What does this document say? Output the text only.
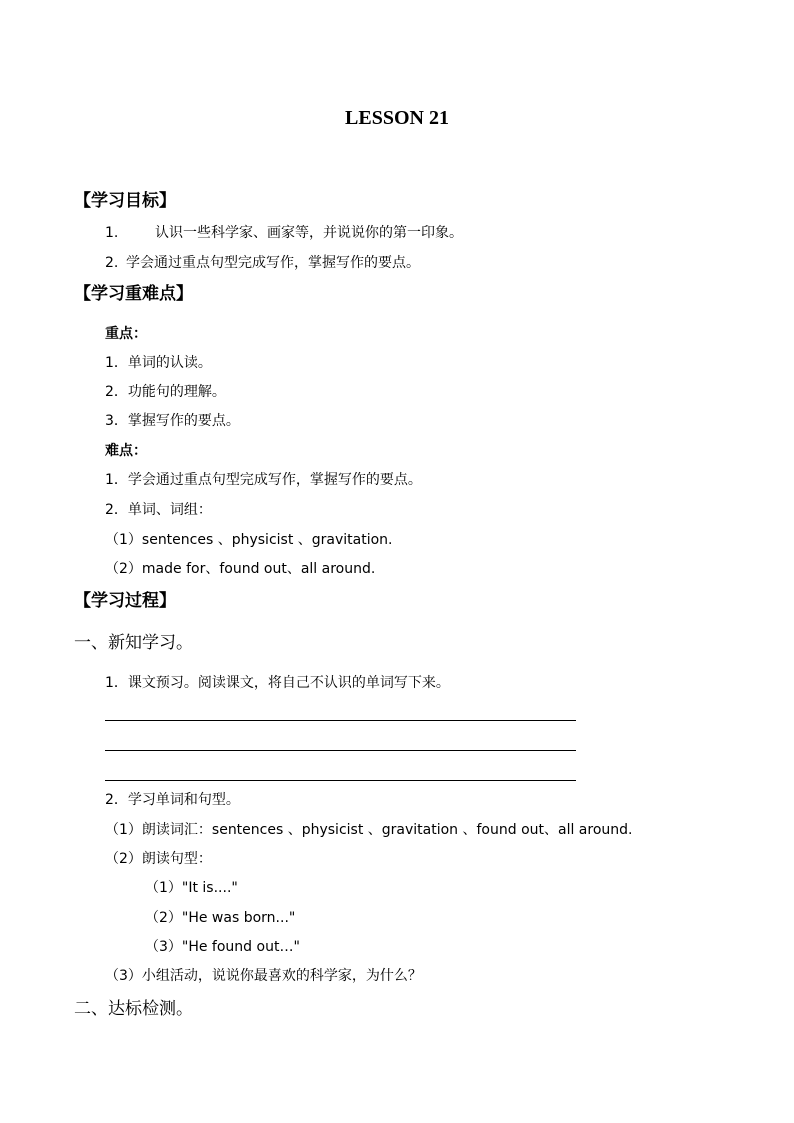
LESSON 21
【学习目标】
1.	认识一些科学家、画家等，并说说你的第一印象。
2. 学会通过重点句型完成写作，掌握写作的要点。
【学习重难点】
重点：
1．单词的认读。
2．功能句的理解。
3．掌握写作的要点。
难点：
1．学会通过重点句型完成写作，掌握写作的要点。
2．单词、词组：
（1）sentences 、physicist 、gravitation.
（2）made for、found out、all around.
【学习过程】
一、新知学习。
1．课文预习。阅读课文，将自己不认识的单词写下来。
2．学习单词和句型。
（1）朗读词汇：sentences 、physicist 、gravitation 、found out、all around.
（2）朗读句型：
（1）"It is...."
（2）"He was born..."
（3）"He found out…"
（3）小组活动，说说你最喜欢的科学家，为什么？
二、达标检测。
